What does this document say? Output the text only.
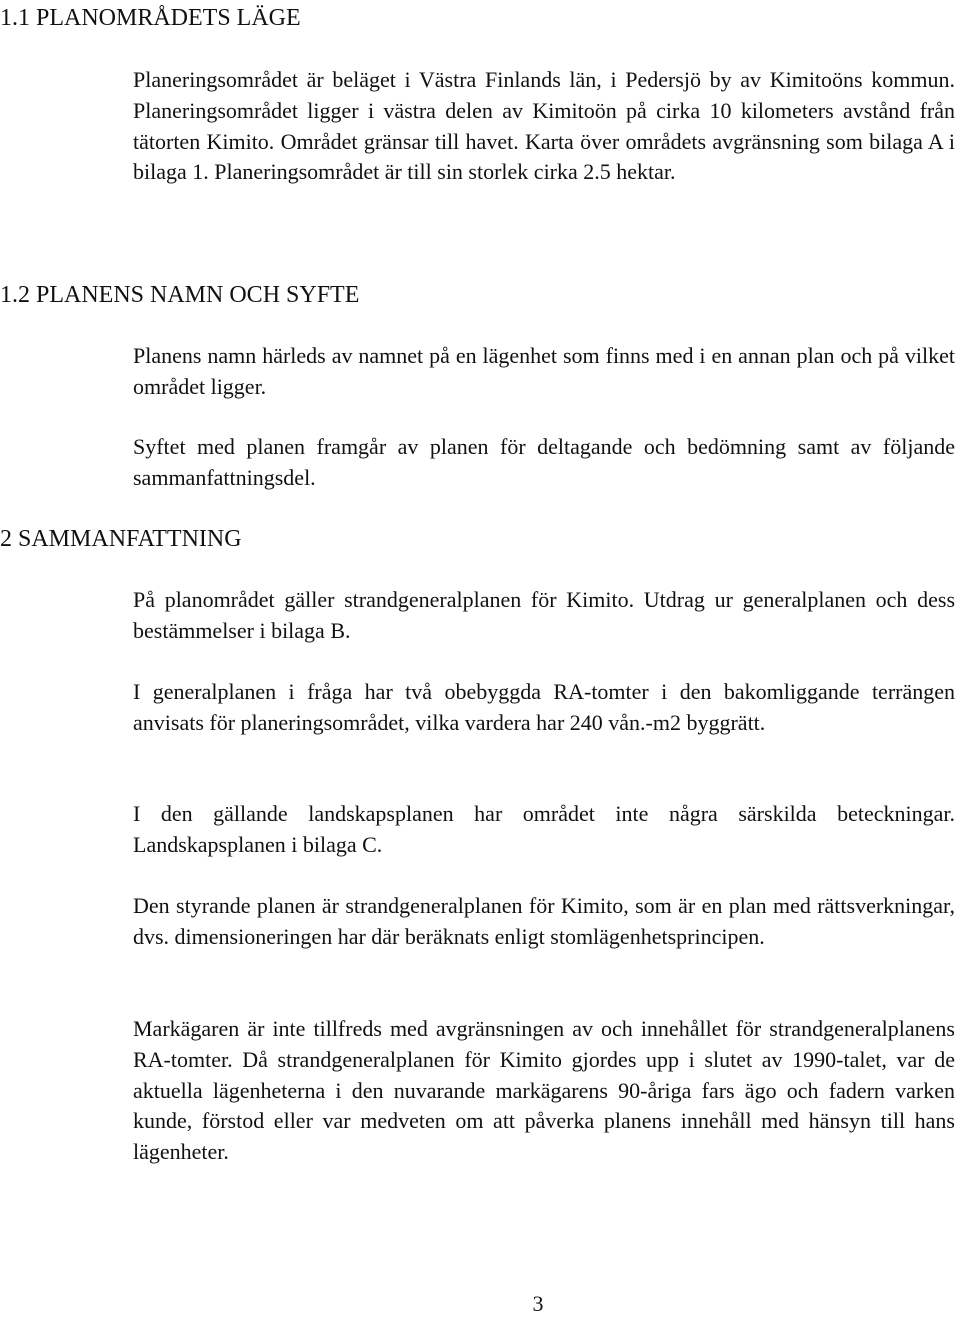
1.1 PLANOMRÅDETS LÄGE

Planeringsområdet är beläget i Västra Finlands län, i Pedersjö by av Kimitoöns kommun. Planeringsområdet ligger i västra delen av Kimitoön på cirka 10 kilometers avstånd från tätorten Kimito. Området gränsar till havet. Karta över områdets avgränsning som bilaga A i bilaga 1. Planeringsområdet är till sin storlek cirka 2.5 hektar.

1.2 PLANENS NAMN OCH SYFTE

Planens namn härleds av namnet på en lägenhet som finns med i en annan plan och på vilket området ligger.

Syftet med planen framgår av planen för deltagande och bedömning samt av följande sammanfattningsdel.

2 SAMMANFATTNING

På planområdet gäller strandgeneralplanen för Kimito. Utdrag ur generalplanen och dess bestämmelser i bilaga B.

I generalplanen i fråga har två obebyggda RA-tomter i den bakomliggande terrängen anvisats för planeringsområdet, vilka vardera har 240 vån.-m2 byggrätt.

I den gällande landskapsplanen har området inte några särskilda beteckningar. Landskapsplanen i bilaga C.

Den styrande planen är strandgeneralplanen för Kimito, som är en plan med rättsverkningar, dvs. dimensioneringen har där beräknats enligt stomlägenhetsprincipen.

Markägaren är inte tillfreds med avgränsningen av och innehållet för strandgeneralplanens RA-tomter. Då strandgeneralplanen för Kimito gjordes upp i slutet av 1990-talet, var de aktuella lägenheterna i den nuvarande markägarens 90-åriga fars ägo och fadern varken kunde, förstod eller var medveten om att påverka planens innehåll med hänsyn till hans lägenheter.

3
